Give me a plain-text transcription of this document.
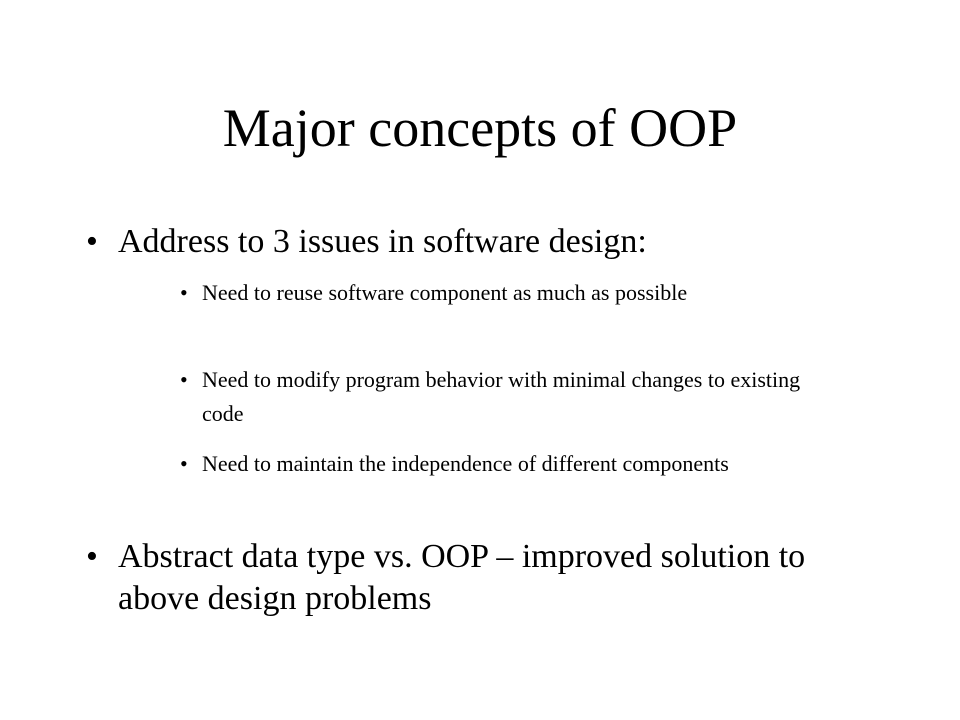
Major concepts of OOP
• Address to 3 issues in software design:
• Need to reuse software component as much as possible
• Need to modify program behavior with minimal changes to existing code
• Need to maintain the independence of different components
• Abstract data type vs. OOP – improved solution to above design problems
